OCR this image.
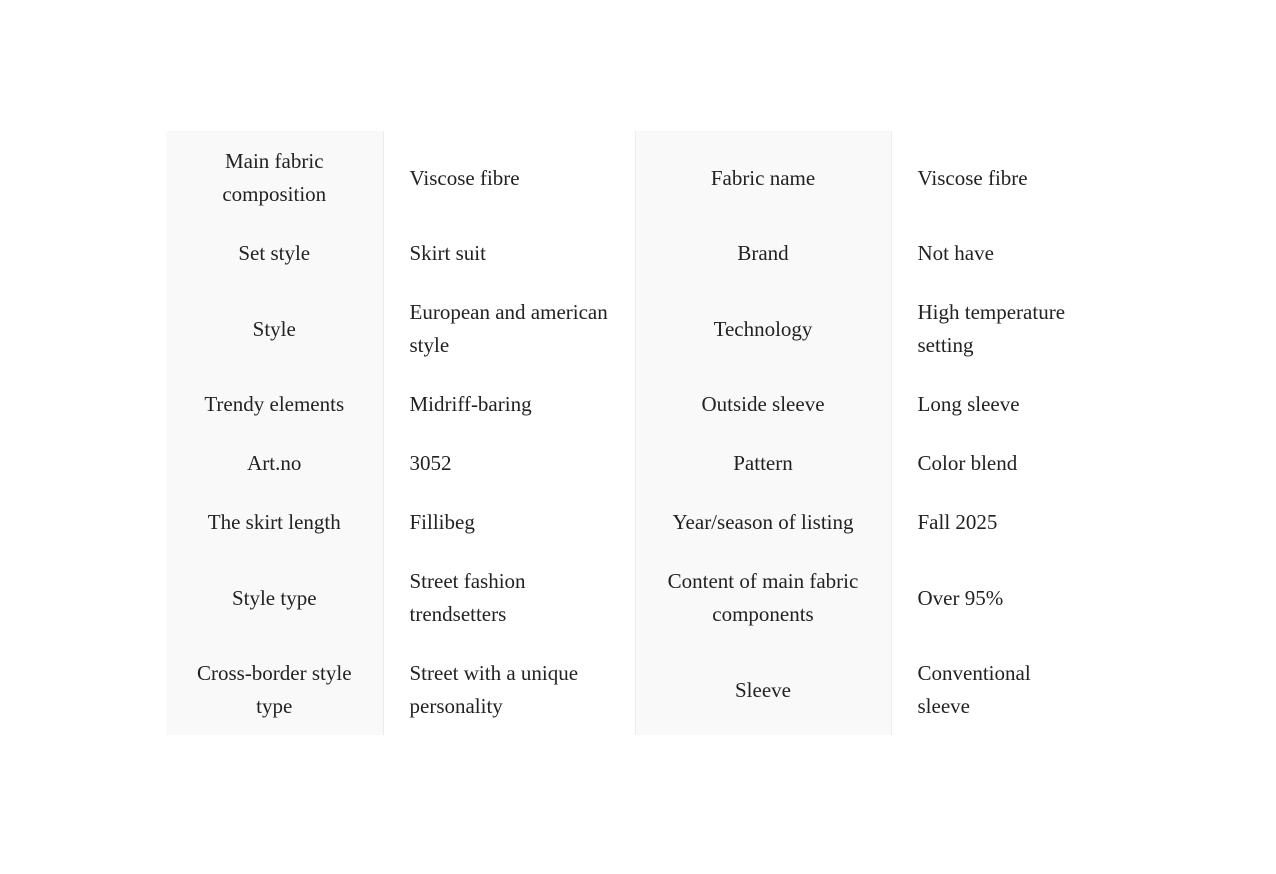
Main fabric composition	Viscose fibre	Fabric name	Viscose fibre
Set style	Skirt suit	Brand	Not have
Style	European and american style	Technology	High temperature setting
Trendy elements	Midriff-baring	Outside sleeve	Long sleeve
Art.no	3052	Pattern	Color blend
The skirt length	Fillibeg	Year/season of listing	Fall 2025
Style type	Street fashion trendsetters	Content of main fabric components	Over 95%
Cross-border style type	Street with a unique personality	Sleeve	Conventional sleeve
